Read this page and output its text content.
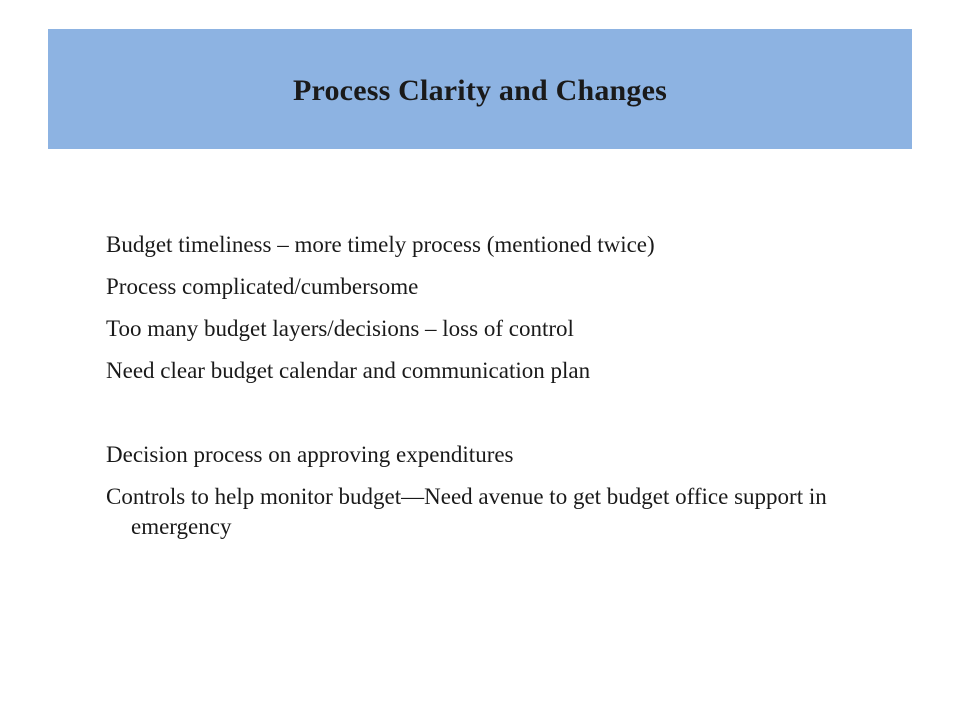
Process Clarity and Changes

Budget timeliness – more timely process (mentioned twice)

Process complicated/cumbersome

Too many budget layers/decisions – loss of control

Need clear budget calendar and communication plan

Decision process on approving expenditures

Controls to help monitor budget—Need avenue to get budget office support in emergency
